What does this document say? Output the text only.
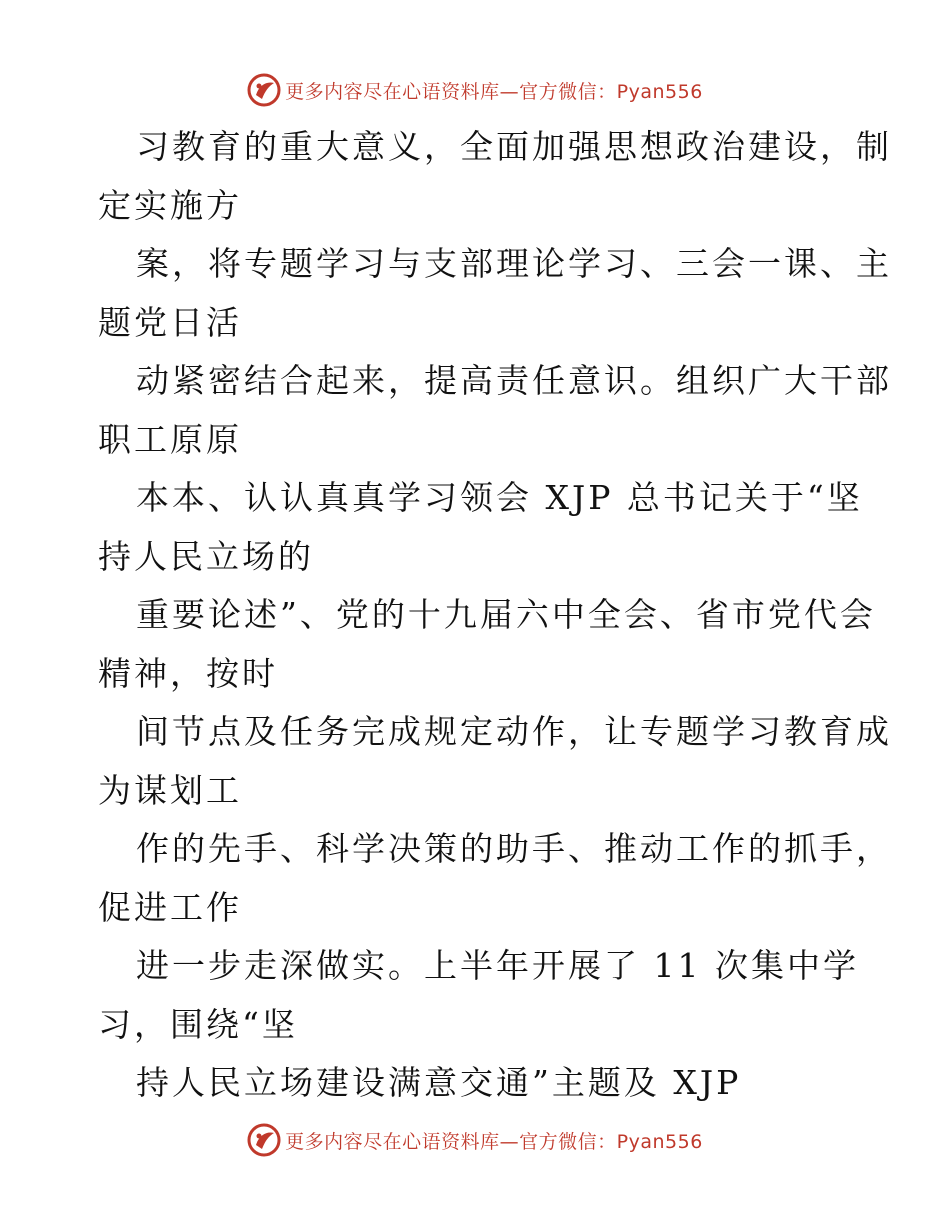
更多内容尽在心语资料库—官方微信：Pyan556
习教育的重大意义，全面加强思想政治建设，制
定实施方
案，将专题学习与支部理论学习、三会一课、主
题党日活
动紧密结合起来，提高责任意识。组织广大干部
职工原原
本本、认认真真学习领会 XJP 总书记关于“坚
持人民立场的
重要论述”、党的十九届六中全会、省市党代会
精神，按时
间节点及任务完成规定动作，让专题学习教育成
为谋划工
作的先手、科学决策的助手、推动工作的抓手，
促进工作
进一步走深做实。上半年开展了 11 次集中学
习，围绕“坚
持人民立场建设满意交通”主题及 XJP
更多内容尽在心语资料库—官方微信：Pyan556
